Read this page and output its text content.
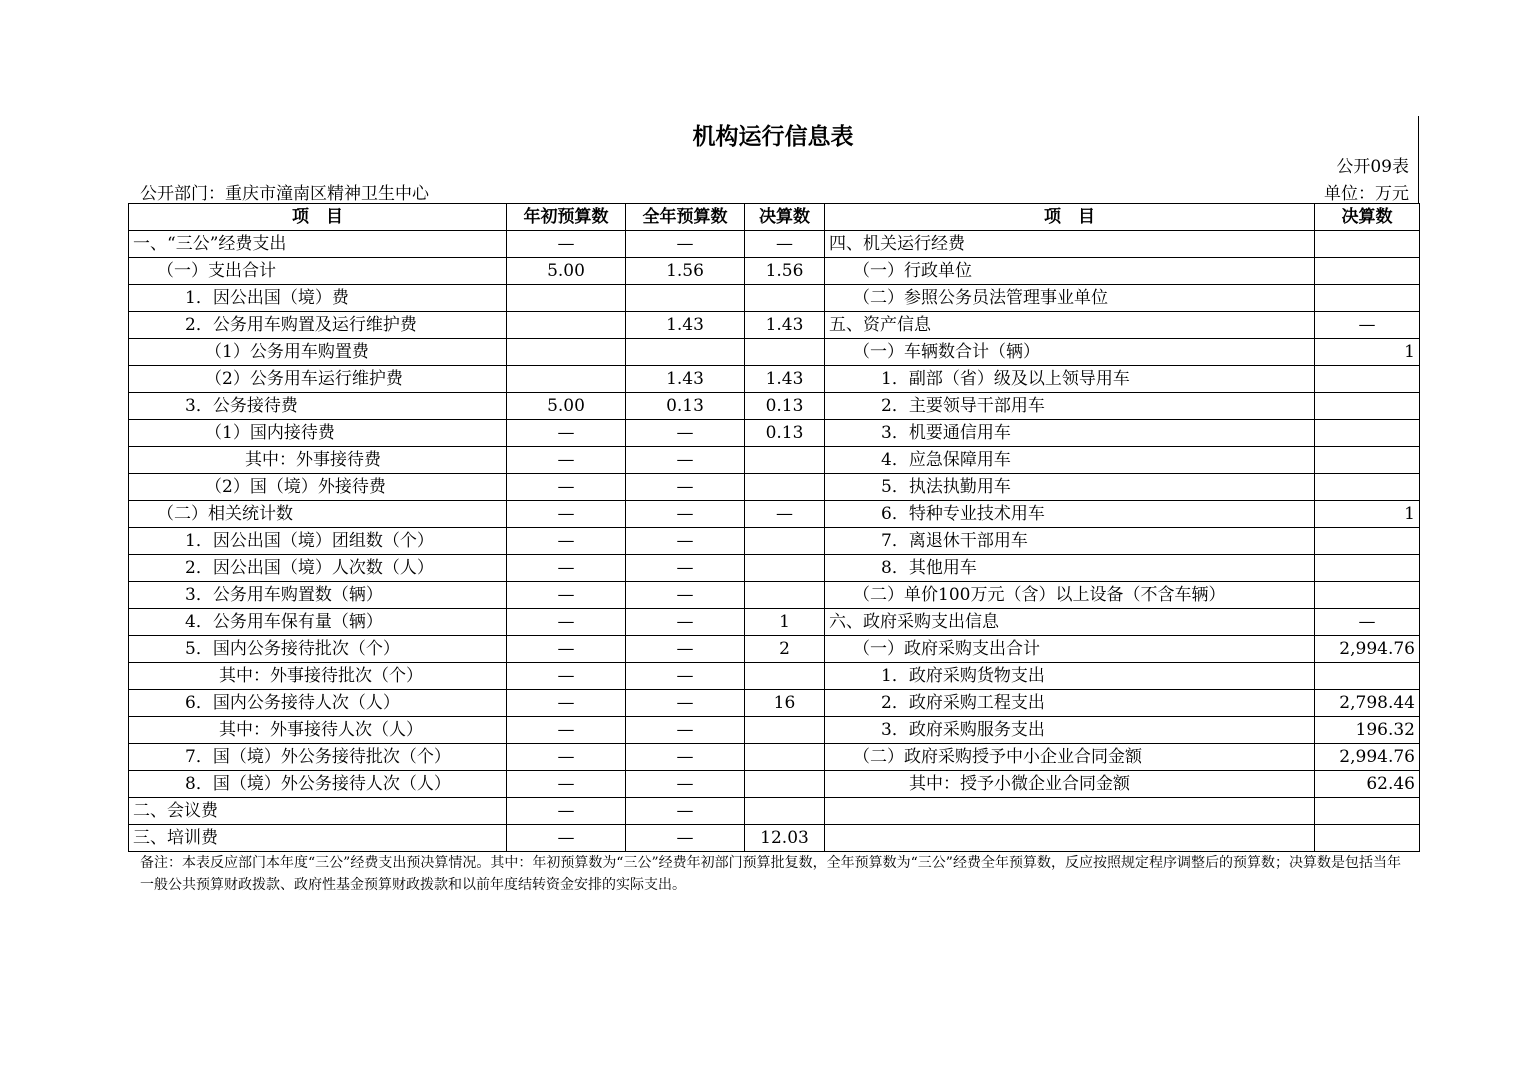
机构运行信息表
公开09表
公开部门：重庆市潼南区精神卫生中心	单位：万元
项　目	年初预算数	全年预算数	决算数	项　目	决算数
一、“三公”经费支出	—	—	—	四、机关运行经费	
（一）支出合计	5.00	1.56	1.56	（一）行政单位	
1．因公出国（境）费				（二）参照公务员法管理事业单位	
2．公务用车购置及运行维护费		1.43	1.43	五、资产信息	—
（1）公务用车购置费				（一）车辆数合计（辆）	1
（2）公务用车运行维护费		1.43	1.43	1．副部（省）级及以上领导用车	
3．公务接待费	5.00	0.13	0.13	2．主要领导干部用车	
（1）国内接待费	—	—	0.13	3．机要通信用车	
其中：外事接待费	—	—		4．应急保障用车	
（2）国（境）外接待费	—	—		5．执法执勤用车	
（二）相关统计数	—	—	—	6．特种专业技术用车	1
1．因公出国（境）团组数（个）	—	—		7．离退休干部用车	
2．因公出国（境）人次数（人）	—	—		8．其他用车	
3．公务用车购置数（辆）	—	—		（二）单价100万元（含）以上设备（不含车辆）	
4．公务用车保有量（辆）	—	—	1	六、政府采购支出信息	—
5．国内公务接待批次（个）	—	—	2	（一）政府采购支出合计	2,994.76
其中：外事接待批次（个）	—	—		1．政府采购货物支出	
6．国内公务接待人次（人）	—	—	16	2．政府采购工程支出	2,798.44
其中：外事接待人次（人）	—	—		3．政府采购服务支出	196.32
7．国（境）外公务接待批次（个）	—	—		（二）政府采购授予中小企业合同金额	2,994.76
8．国（境）外公务接待人次（人）	—	—		其中：授予小微企业合同金额	62.46
二、会议费	—	—			
三、培训费	—	—	12.03		
备注：本表反应部门本年度“三公”经费支出预决算情况。其中：年初预算数为“三公”经费年初部门预算批复数，全年预算数为“三公”经费全年预算数，反应按照规定程序调整后的预算数；决算数是包括当年一般公共预算财政拨款、政府性基金预算财政拨款和以前年度结转资金安排的实际支出。
